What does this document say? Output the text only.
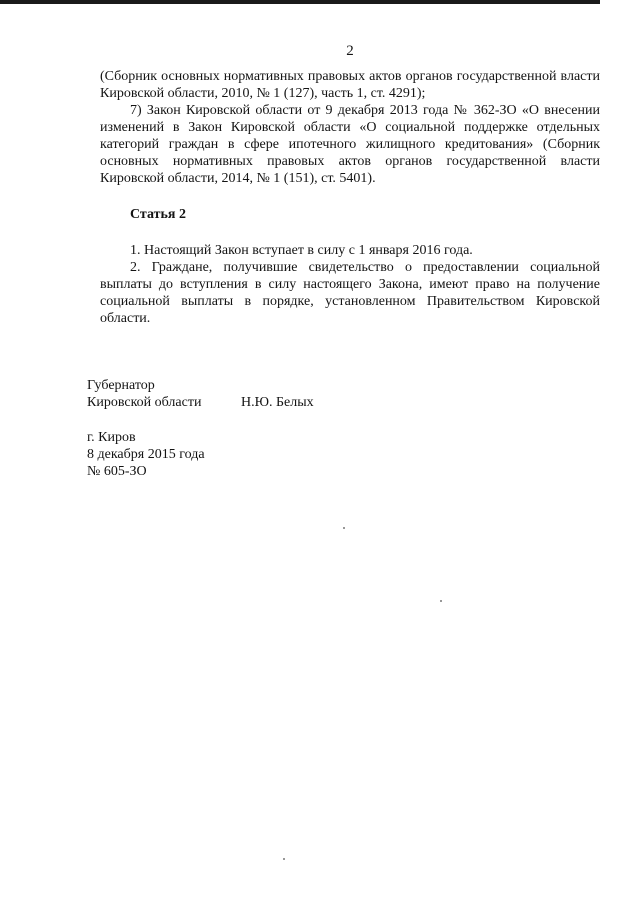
2

(Сборник основных нормативных правовых актов органов государственной власти Кировской области, 2010, № 1 (127), часть 1, ст. 4291);

7) Закон Кировской области от 9 декабря 2013 года № 362-ЗО «О внесении изменений в Закон Кировской области «О социальной поддержке отдельных категорий граждан в сфере ипотечного жилищного кредитования» (Сборник основных нормативных правовых актов органов государственной власти Кировской области, 2014, № 1 (151), ст. 5401).

Статья 2

1. Настоящий Закон вступает в силу с 1 января 2016 года.

2. Граждане, получившие свидетельство о предоставлении социальной выплаты до вступления в силу настоящего Закона, имеют право на получение социальной выплаты в порядке, установленном Правительством Кировской области.

Губернатор
Кировской области	Н.Ю. Белых
г. Киров
8 декабря 2015 года
№ 605-ЗО
